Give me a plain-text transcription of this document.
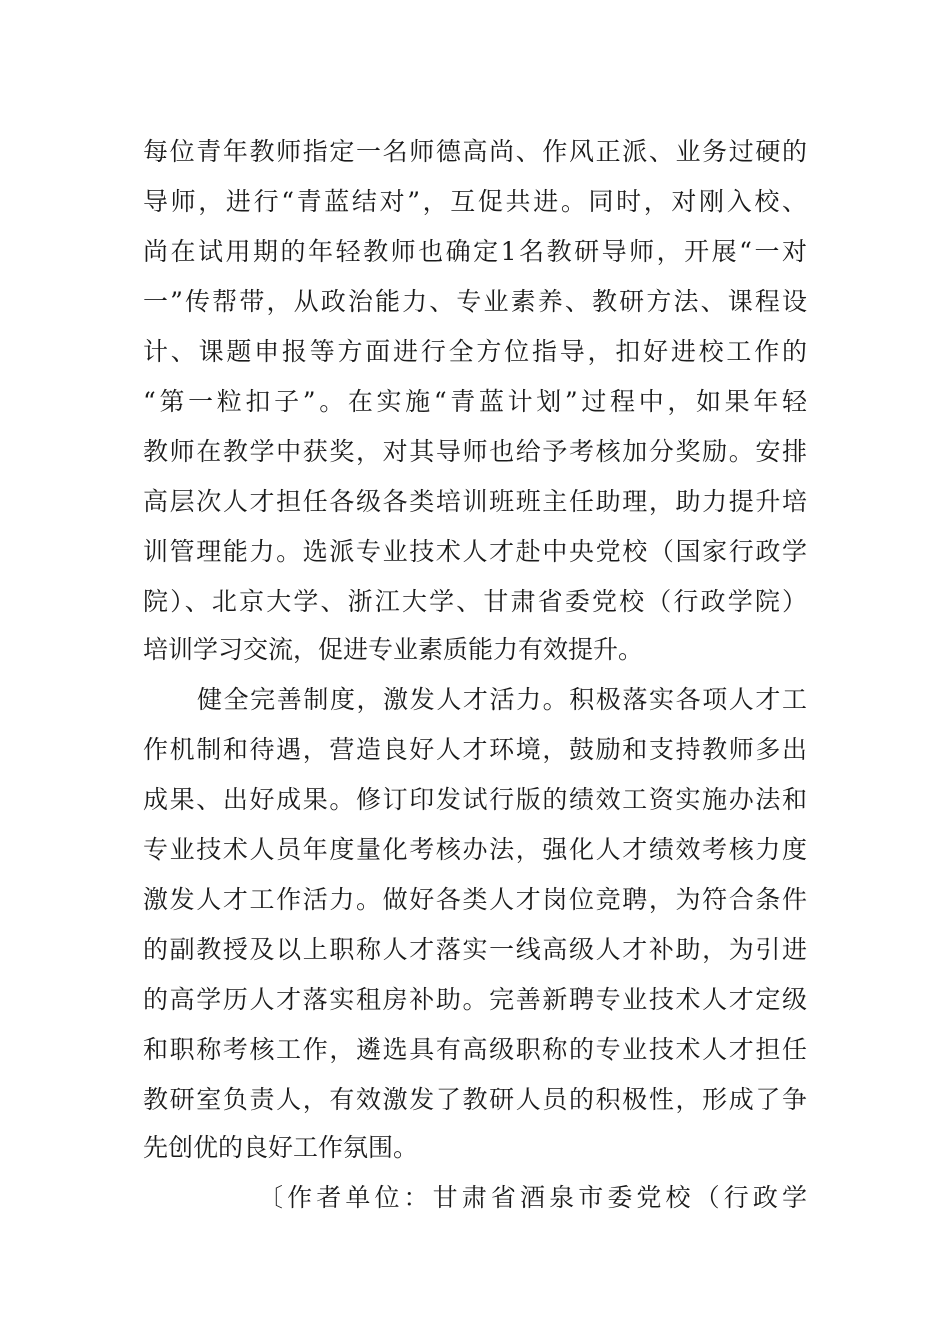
每位青年教师指定一名师德高尚、作风正派、业务过硬的
导师，进行“青蓝结对”，互促共进。同时，对刚入校、
尚在试用期的年轻教师也确定1名教研导师，开展“一对
一”传帮带，从政治能力、专业素养、教研方法、课程设
计、课题申报等方面进行全方位指导，扣好进校工作的
“第一粒扣子”。在实施“青蓝计划”过程中，如果年轻
教师在教学中获奖，对其导师也给予考核加分奖励。安排
高层次人才担任各级各类培训班班主任助理，助力提升培
训管理能力。选派专业技术人才赴中央党校（国家行政学
院）、北京大学、浙江大学、甘肃省委党校（行政学院）
培训学习交流，促进专业素质能力有效提升。
健全完善制度，激发人才活力。积极落实各项人才工
作机制和待遇，营造良好人才环境，鼓励和支持教师多出
成果、出好成果。修订印发试行版的绩效工资实施办法和
专业技术人员年度量化考核办法，强化人才绩效考核力度
激发人才工作活力。做好各类人才岗位竞聘，为符合条件
的副教授及以上职称人才落实一线高级人才补助，为引进
的高学历人才落实租房补助。完善新聘专业技术人才定级
和职称考核工作，遴选具有高级职称的专业技术人才担任
教研室负责人，有效激发了教研人员的积极性，形成了争
先创优的良好工作氛围。
〔作者单位：甘肃省酒泉市委党校（行政学
